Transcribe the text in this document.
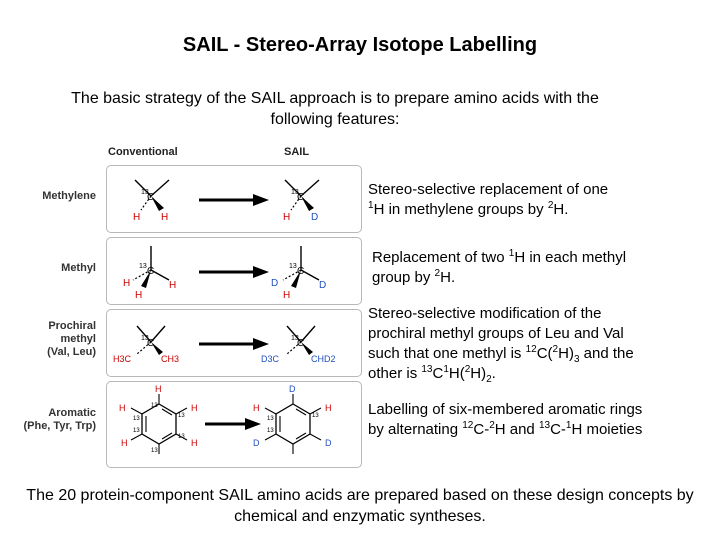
SAIL - Stereo-Array Isotope Labelling
The basic strategy of the SAIL approach is to prepare amino acids with the following features:
Conventional	SAIL
Methylene
Methyl
Prochiral
methyl
(Val, Leu)
Aromatic
(Phe, Tyr, Trp)
13
C
H H
13
C
H D
13 C
H
H
H
13 C
D
H
D
13
C
H3C	CH3
13
C
D3C	CHD2
H
H
H
H
H	13
13
13
13
13
13
D
H
D
D
H
13
13
13
Stereo-selective replacement of one
$^1$H in methylene groups by $^2$H.
Replacement of two $^1$H in each methyl
group by $^2$H.
Stereo-selective modification of the
prochiral methyl groups of Leu and Val
such that one methyl is $^{12}C(^2H)_3$ and the
other is $^{13}C^1H(^2H)_2$.
Labelling of six-membered aromatic rings
by alternating $^{12}$C-$^2$H and $^{13}$C-$^1$H moieties
The 20 protein-component SAIL amino acids are prepared based on these design concepts by chemical and enzymatic syntheses.
